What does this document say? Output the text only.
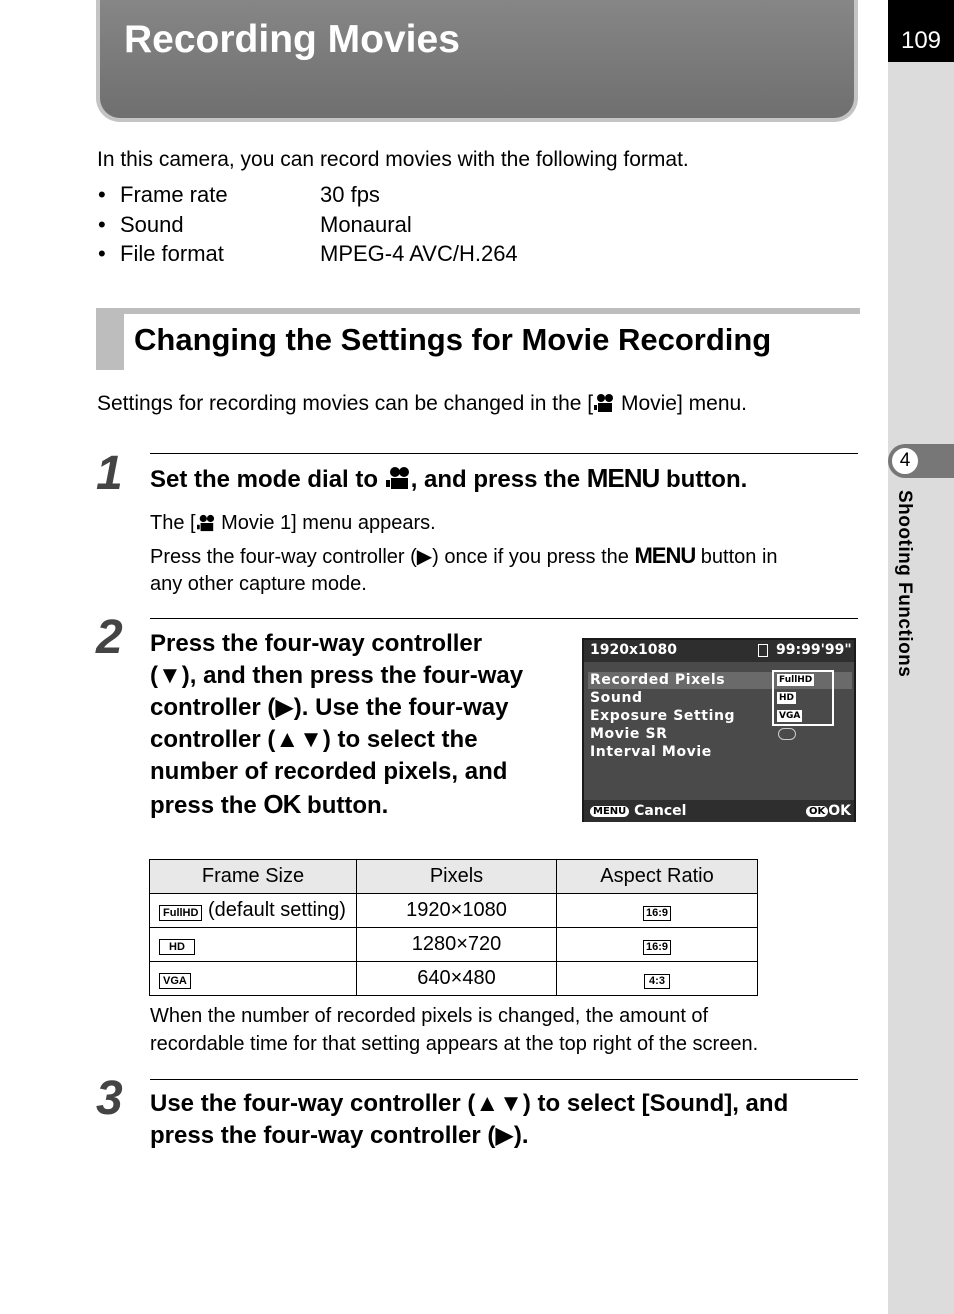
109
4
Shooting Functions
Recording Movies
In this camera, you can record movies with the following format.
• Frame rate	30 fps
• Sound	Monaural
• File format	MPEG-4 AVC/H.264
Changing the Settings for Movie Recording
Settings for recording movies can be changed in the [ Movie] menu.
1 Set the mode dial to , and press the MENU button.
The [ Movie 1] menu appears.
Press the four-way controller (▶) once if you press the MENU button in
any other capture mode.
2 Press the four-way controller
(▼), and then press the four-way
controller (▶). Use the four-way
controller (▲▼) to select the
number of recorded pixels, and
press the OK button.
1920x1080	99:99'99"
Recorded Pixels
Sound
Exposure Setting
Movie SR
Interval Movie
FullHD
HD
VGA
MENU Cancel	OK OK
Frame Size	Pixels	Aspect Ratio
FullHD (default setting)	1920×1080	16:9
HD	1280×720	16:9
VGA	640×480	4:3
When the number of recorded pixels is changed, the amount of
recordable time for that setting appears at the top right of the screen.
3 Use the four-way controller (▲▼) to select [Sound], and
press the four-way controller (▶).
